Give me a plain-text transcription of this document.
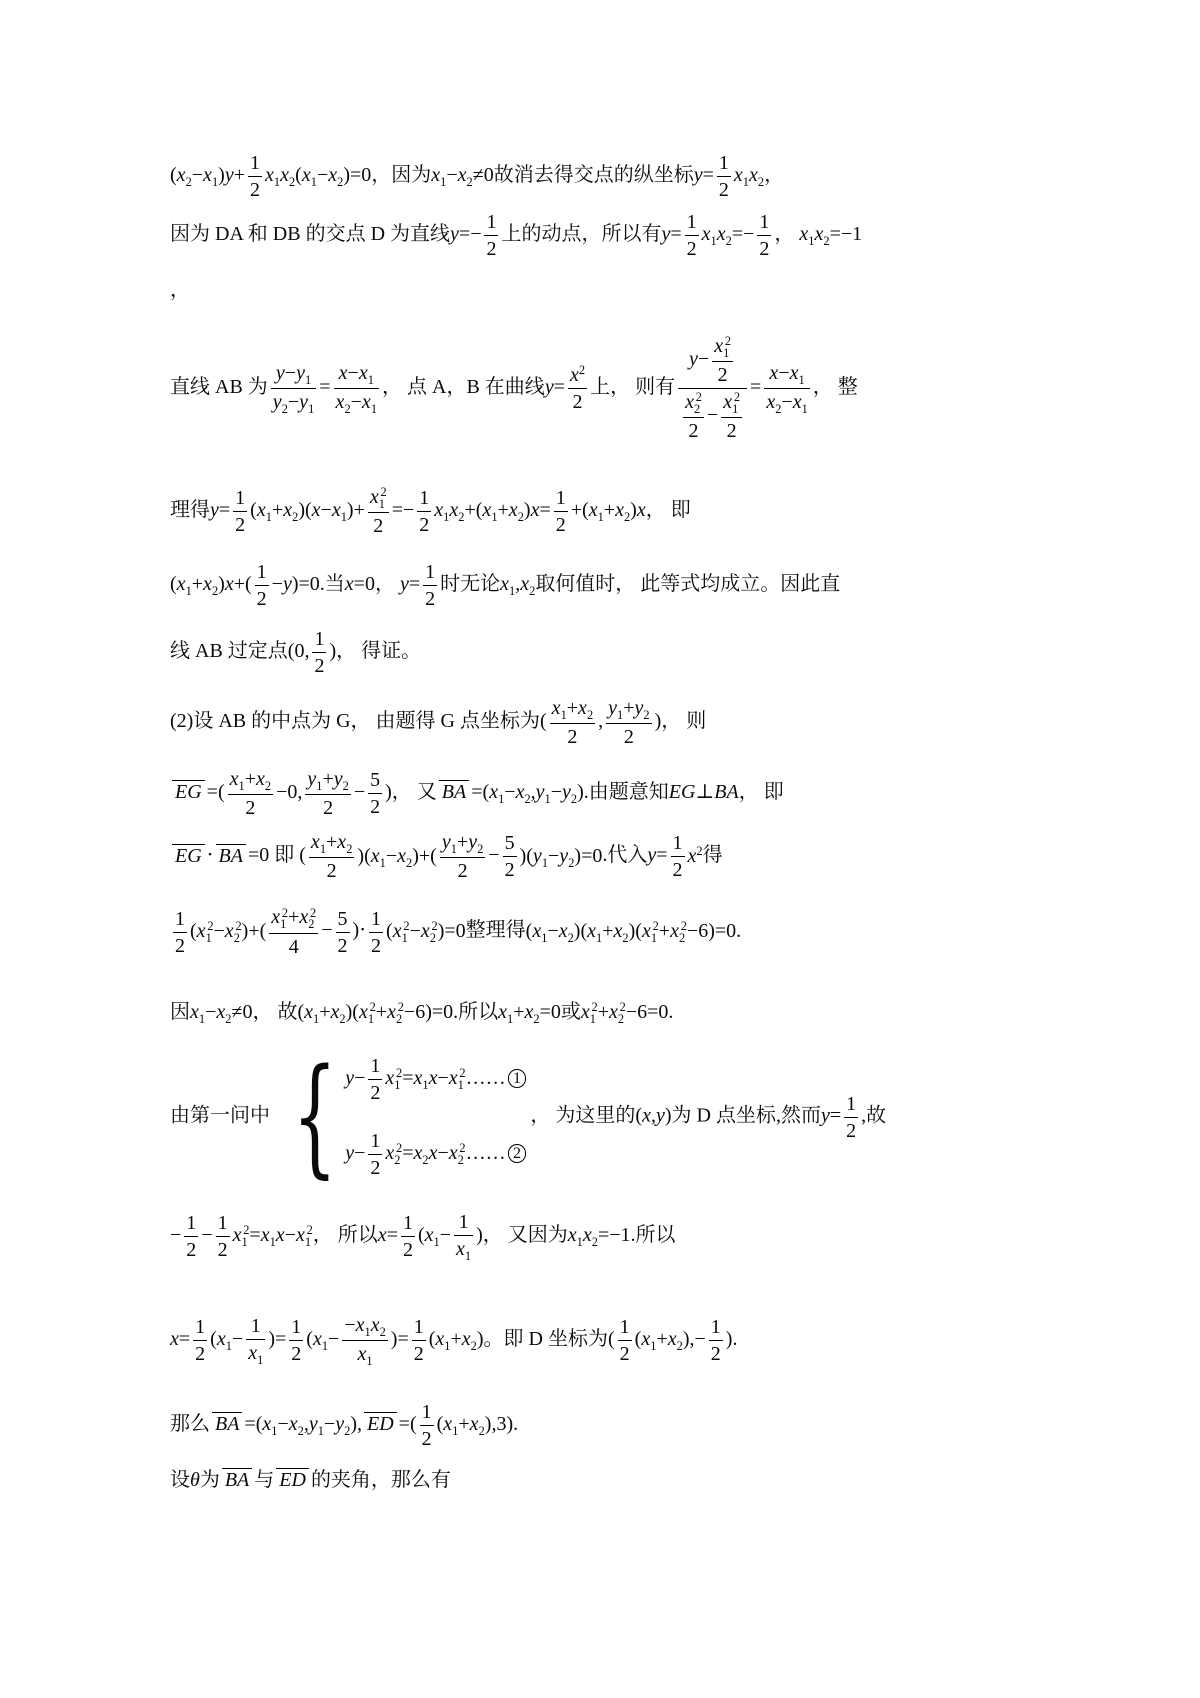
$(x_2-x_1)y+ \frac{1}{2} x_1x_2(x_1-x_2)=0$，因为$x_1-x_2\ne 0$故消去得交点的纵坐标$y= \frac{1}{2} x_1x_2$，
因为 DA 和 DB 的交点 D 为直线$y=- \frac{1}{2}$ 上的动点，所以有$y= \frac{1}{2} x_1x_2=- \frac{1}{2}$ ， $x_1x_2=-1$
，
直线 AB 为 $\frac{y-y_1}{y_2-y_1} = \frac{x-x_1}{x_2-x_1}$ ， 点 A，B 在曲线$y= \frac{x^2}{2}$ 上， 则有 $\frac{y- \frac{x_1^2}{2}}{\frac{x_2^2}{2} - \frac{x_1^2}{2}} = \frac{x-x_1}{x_2-x_1}$ ， 整
理得$y= \frac{1}{2} (x_1+x_2)(x-x_1)+ \frac{x_1^2}{2} =- \frac{1}{2} x_1x_2+(x_1+x_2)x= \frac{1}{2} +(x_1+x_2)x$， 即
$(x_1+x_2)x+( \frac{1}{2} -y)=0$.当x=0， $y= \frac{1}{2}$ 时无论$x_1,x_2$取何值时， 此等式均成立。因此直
线 AB 过定点(0, $\frac{1}{2}$ )， 得证。
(2)设 AB 的中点为 G， 由题得 G 点坐标为( $\frac{x_1+x_2}{2}$ , $\frac{y_1+y_2}{2}$ )， 则
EG =( $\frac{x_1+x_2}{2} -0$, $\frac{y_1+y_2}{2} - \frac{5}{2}$ )， 又 BA $=(x_1-x_2,y_1-y_2)$.由题意知EG⊥BA， 即
EG ⋅ BA =0 即 ( $\frac{x_1+x_2}{2} )(x_1-x_2)+( \frac{y_1+y_2}{2} - \frac{5}{2} )(y_1-y_2)=0$.代入$y= \frac{1}{2} x^2$得
$\frac{1}{2} (x_1^2-x_2^2)+( \frac{x_1^2+x_2^2}{4} - \frac{5}{2}$ )⋅ $\frac{1}{2} (x_1^2-x_2^2)=0$整理得$(x_1-x_2)(x_1+x_2)(x_1^2+x_2^2-6)=0$.
因$x_1-x_2\ne 0$， 故$(x_1+x_2)(x_1^2+x_2^2-6)=0$.所以$x_1+x_2=0$或$x_1^2+x_2^2-6=0$.
由第一问中 { $y- \frac{1}{2}$ $x_1^2=x_1x-x_1^2\dots\dots$ 1
$y- \frac{1}{2}$ $x_2^2=x_2x-x_2^2\dots\dots$ 2
， 为这里的(x,y)为 D 点坐标,然而$y= \frac{1}{2}$ ,故
− $\frac{1}{2} - \frac{1}{2} x_1^2=x_1x-x_1^2$， 所以$x= \frac{1}{2} (x_1- \frac{1}{x_1}$ )， 又因为$x_1x_2=-1$.所以
$x= \frac{1}{2} (x_1- \frac{1}{x_1}$ )= $\frac{1}{2} (x_1- \frac{-x_1x_2}{x_1}$ )= $\frac{1}{2} (x_1+x_2)$。即 D 坐标为( $\frac{1}{2} (x_1+x_2),- \frac{1}{2}$ ).
那么 BA $=(x_1-x_2,y_1-y_2)$, ED =( $\frac{1}{2} (x_1+x_2),3$).
设θ为 BA 与 ED 的夹角，那么有
